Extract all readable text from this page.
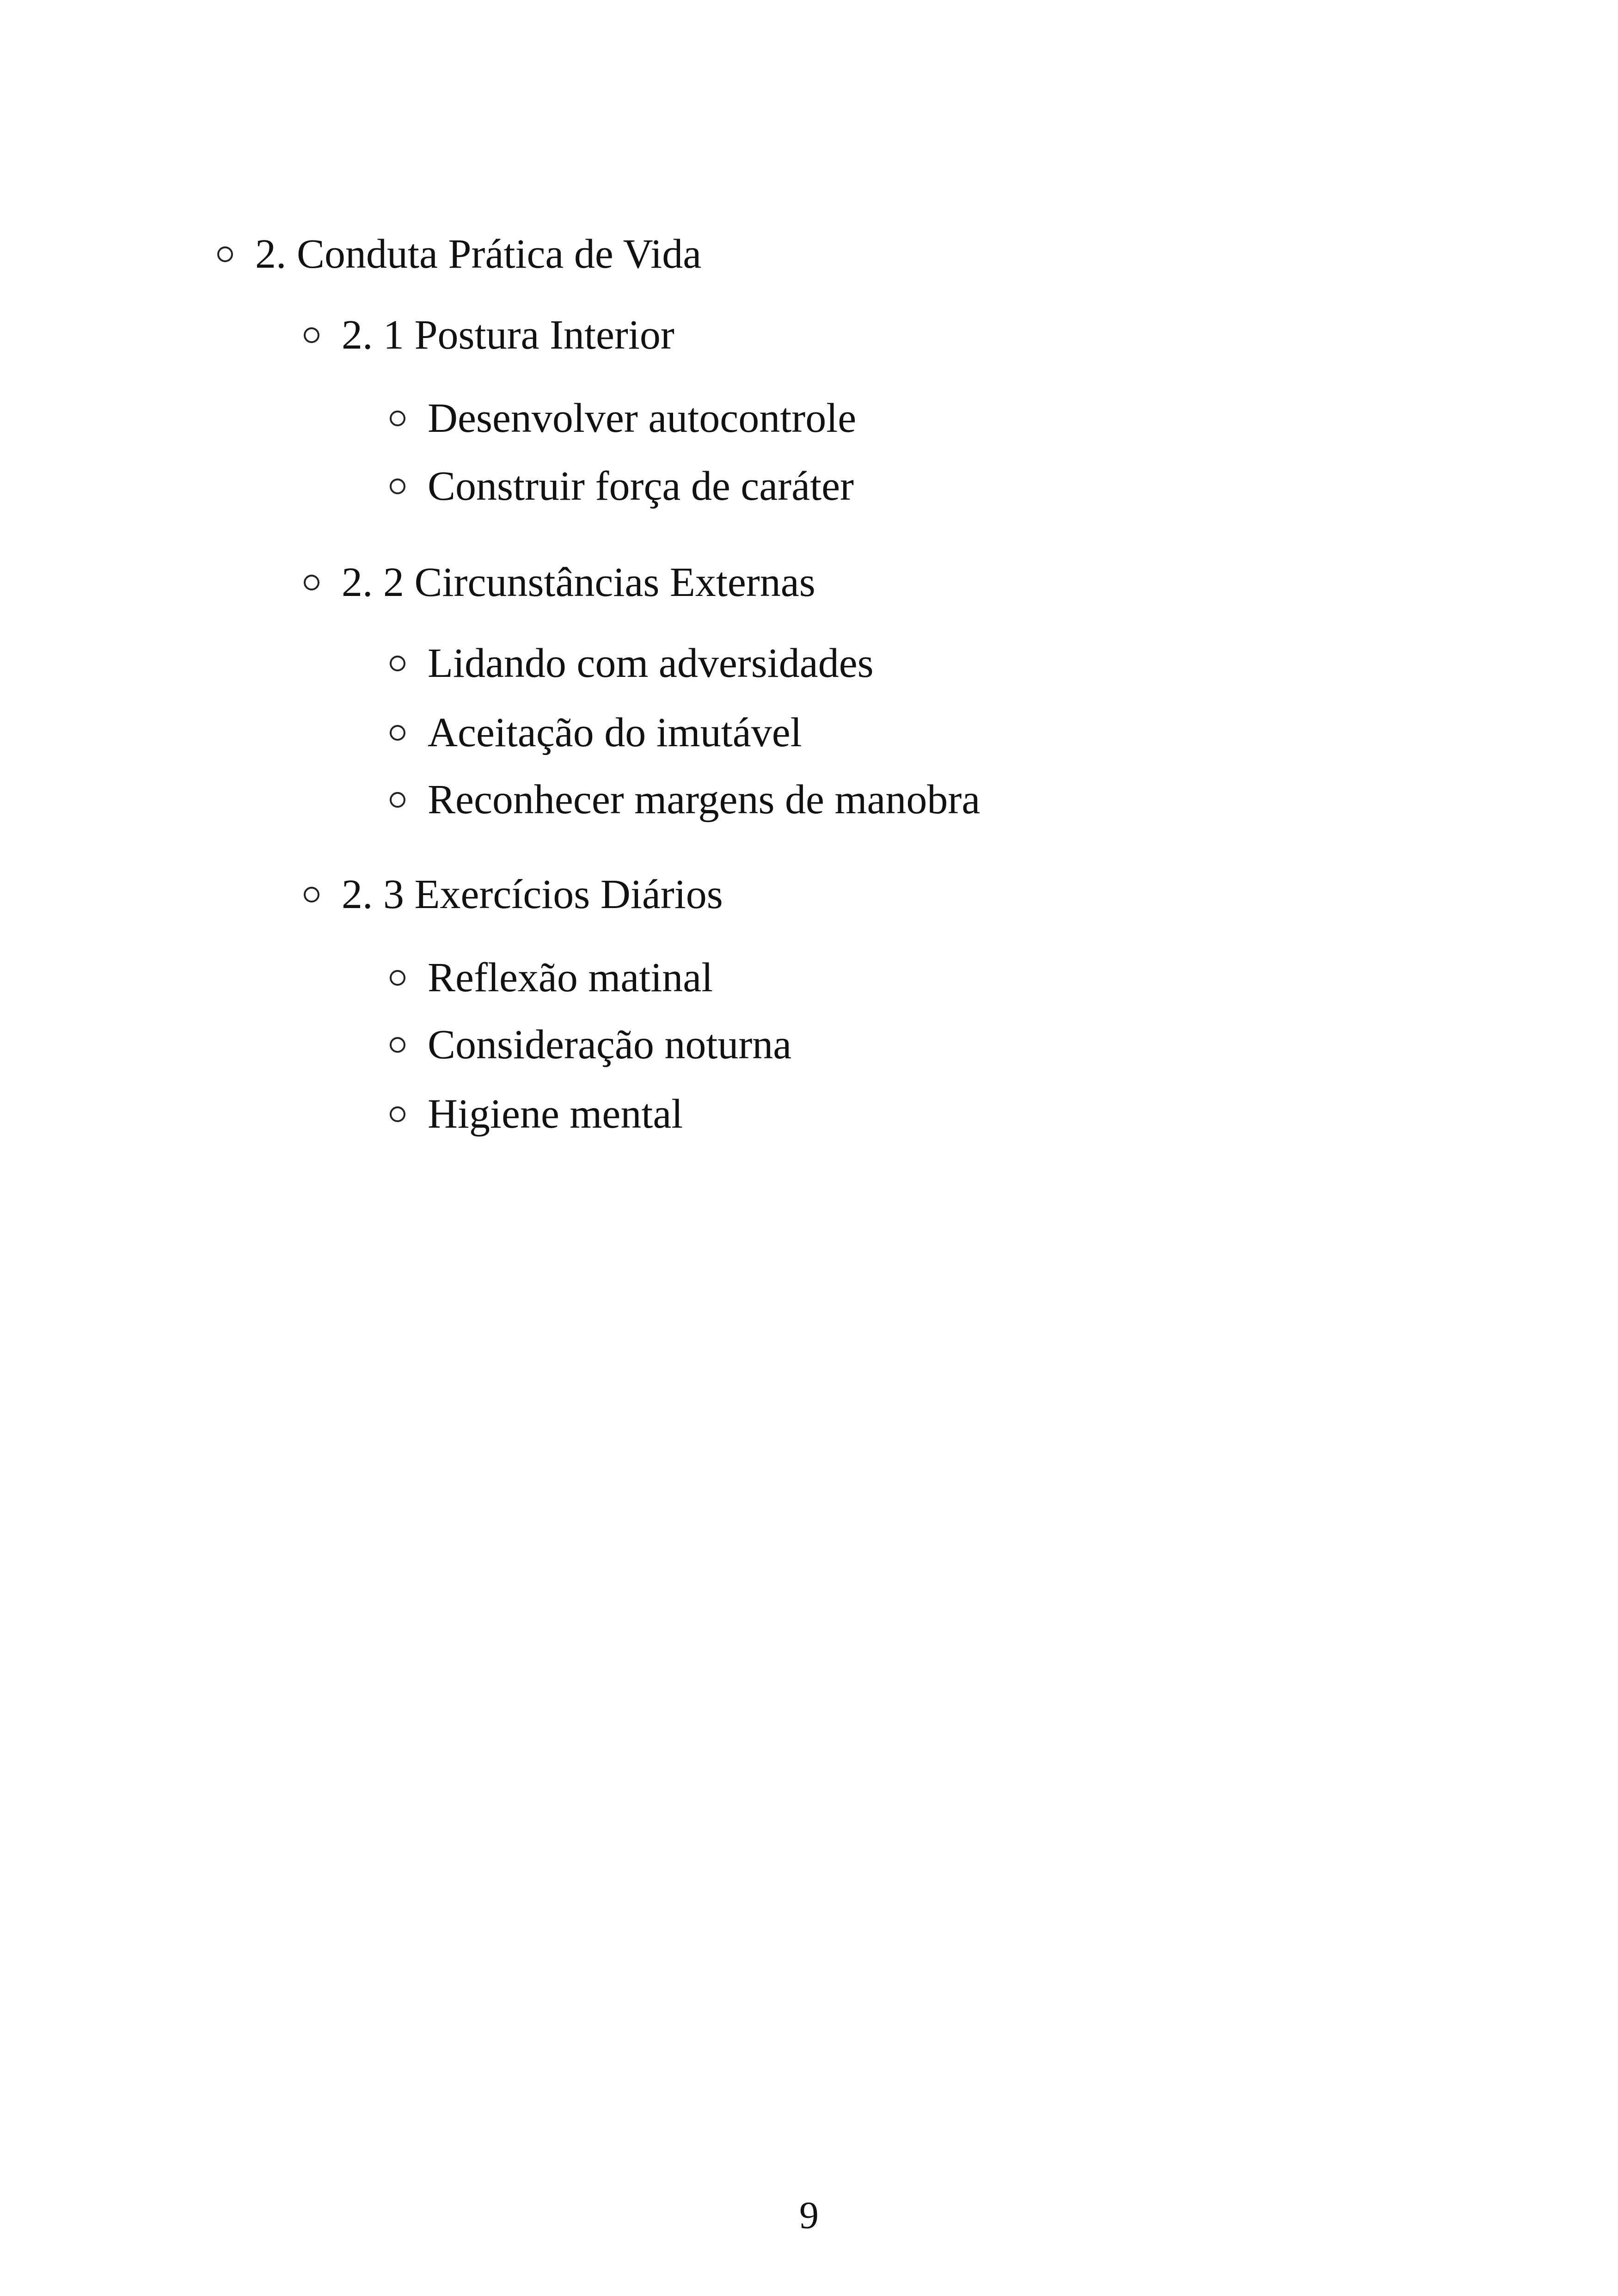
2. Conduta Prática de Vida
2. 1 Postura Interior
Desenvolver autocontrole
Construir força de caráter
2. 2 Circunstâncias Externas
Lidando com adversidades
Aceitação do imutável
Reconhecer margens de manobra
2. 3 Exercícios Diários
Reflexão matinal
Consideração noturna
Higiene mental
9
